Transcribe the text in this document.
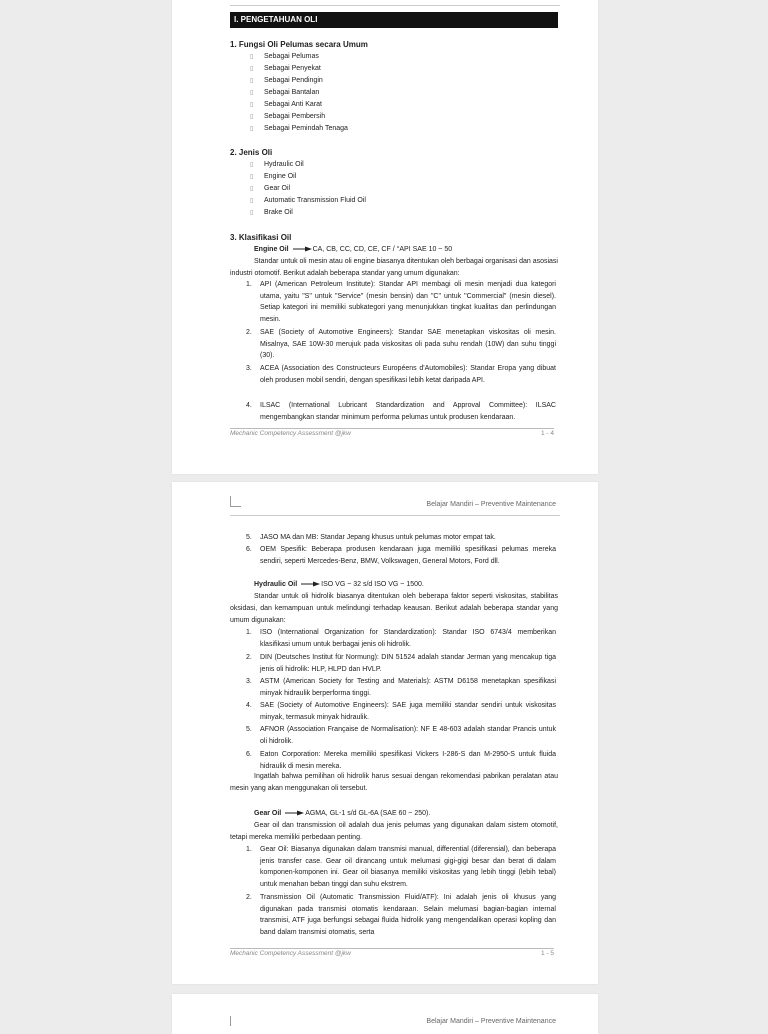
I. PENGETAHUAN OLI
1. Fungsi Oli Pelumas secara Umum
▯ Sebagai Pelumas
▯ Sebagai Penyekat
▯ Sebagai Pendingin
▯ Sebagai Bantalan
▯ Sebagai Anti Karat
▯ Sebagai Pembersih
▯ Sebagai Pemindah Tenaga
2. Jenis Oli
▯ Hydraulic Oil
▯ Engine Oil
▯ Gear Oil
▯ Automatic Transmission Fluid Oil
▯ Brake Oil
3. Klasifikasi Oil
Engine Oil	CA, CB, CC, CD, CE, CF / °API SAE 10 ~ 50
Standar untuk oli mesin atau oli engine biasanya ditentukan oleh berbagai organisasi dan asosiasi industri otomotif. Berikut adalah beberapa standar yang umum digunakan:
1. API (American Petroleum Institute): Standar API membagi oli mesin menjadi dua kategori utama, yaitu "S" untuk "Service" (mesin bensin) dan "C" untuk "Commercial" (mesin diesel). Setiap kategori ini memiliki subkategori yang menunjukkan tingkat kualitas dan perlindungan mesin.
2. SAE (Society of Automotive Engineers): Standar SAE menetapkan viskositas oli mesin. Misalnya, SAE 10W-30 merujuk pada viskositas oli pada suhu rendah (10W) dan suhu tinggi (30).
3. ACEA (Association des Constructeurs Européens d'Automobiles): Standar Eropa yang dibuat oleh produsen mobil sendiri, dengan spesifikasi lebih ketat daripada API.
4. ILSAC (International Lubricant Standardization and Approval Committee): ILSAC mengembangkan standar minimum performa pelumas untuk produsen kendaraan.
Mechanic Competency Assessment @jkw	1 - 4
Belajar Mandiri – Preventive Maintenance
5. JASO MA dan MB: Standar Jepang khusus untuk pelumas motor empat tak.
6. OEM Spesifik: Beberapa produsen kendaraan juga memiliki spesifikasi pelumas mereka sendiri, seperti Mercedes-Benz, BMW, Volkswagen, General Motors, Ford dll.
Hydraulic Oil	ISO VG ~ 32 s/d ISO VG ~ 1500.
Standar untuk oli hidrolik biasanya ditentukan oleh beberapa faktor seperti viskositas, stabilitas oksidasi, dan kemampuan untuk melindungi terhadap keausan. Berikut adalah beberapa standar yang umum digunakan:
1. ISO (International Organization for Standardization): Standar ISO 6743/4 memberikan klasifikasi umum untuk berbagai jenis oli hidrolik.
2. DIN (Deutsches Institut für Normung): DIN 51524 adalah standar Jerman yang mencakup tiga jenis oli hidrolik: HLP, HLPD dan HVLP.
3. ASTM (American Society for Testing and Materials): ASTM D6158 menetapkan spesifikasi minyak hidraulik berperforma tinggi.
4. SAE (Society of Automotive Engineers): SAE juga memiliki standar sendiri untuk viskositas minyak, termasuk minyak hidraulik.
5. AFNOR (Association Française de Normalisation): NF E 48-603 adalah standar Prancis untuk oli hidrolik.
6. Eaton Corporation: Mereka memiliki spesifikasi Vickers I-286-S dan M-2950-S untuk fluida hidraulik di mesin mereka.
Ingatlah bahwa pemilihan oli hidrolik harus sesuai dengan rekomendasi pabrikan peralatan atau mesin yang akan menggunakan oli tersebut.
Gear Oil	AGMA, GL-1 s/d GL-6A (SAE 60 ~ 250).
Gear oil dan transmission oil adalah dua jenis pelumas yang digunakan dalam sistem otomotif, tetapi mereka memiliki perbedaan penting.
1. Gear Oil: Biasanya digunakan dalam transmisi manual, differential (diferensial), dan beberapa jenis transfer case. Gear oil dirancang untuk melumasi gigi-gigi besar dan berat di dalam komponen-komponen ini. Gear oil biasanya memiliki viskositas yang lebih tinggi (lebih tebal) untuk menahan beban tinggi dan suhu ekstrem.
2. Transmission Oil (Automatic Transmission Fluid/ATF): Ini adalah jenis oli khusus yang digunakan pada transmisi otomatis kendaraan. Selain melumasi bagian-bagian internal transmisi, ATF juga berfungsi sebagai fluida hidrolik yang mengendalikan operasi kopling dan band dalam transmisi otomatis, serta
Mechanic Competency Assessment @jkw	1 - 5
Belajar Mandiri – Preventive Maintenance
